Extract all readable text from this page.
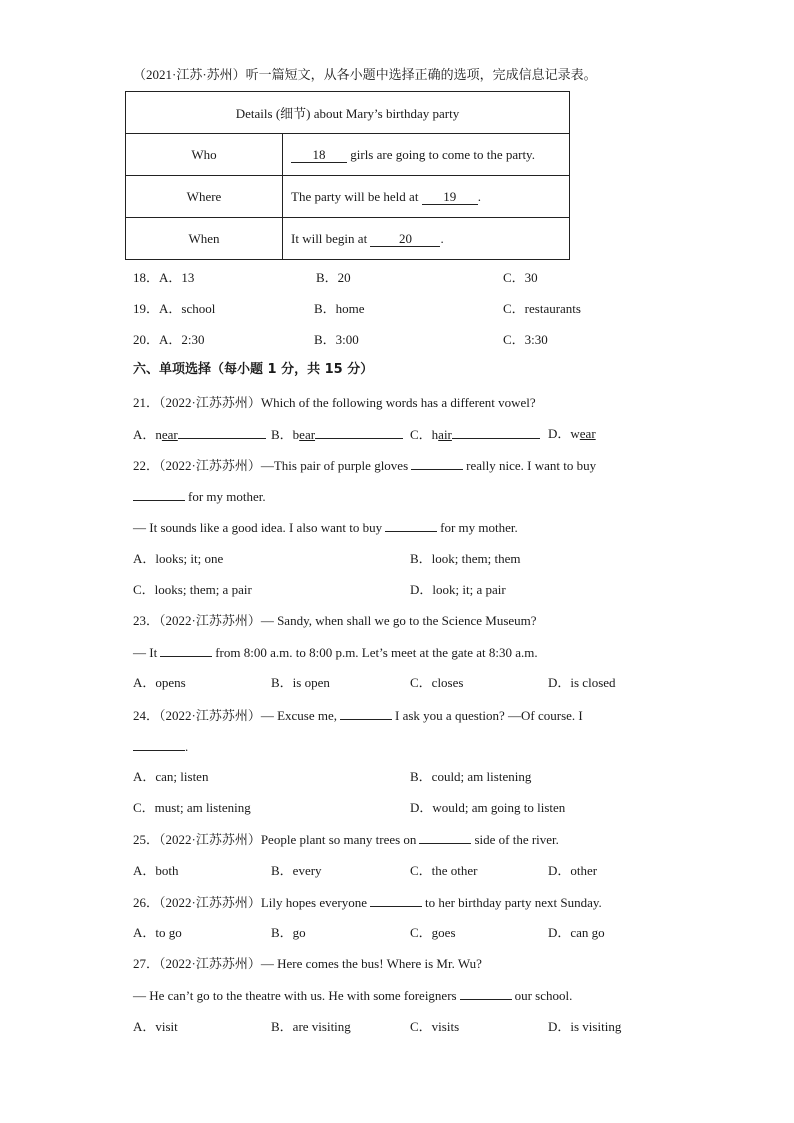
（2021·江苏·苏州）听一篇短文，从各小题中选择正确的选项，完成信息记录表。
Details (细节) about Mary’s birthday party	
Who	18 girls are going to come to the party.
Where	The party will be held at 19 .
When	It will begin at 20 .
18．A．13	B．20	C．30
19．A．school	B．home	C．restaurants
20．A．2:30	B．3:00	C．3:30
六、单项选择（每小题 1 分，共 15 分）
21．（2022·江苏苏州）Which of the following words has a different vowel?
A．near	B．bear	C．hair	D．wear
22．（2022·江苏苏州）—This pair of purple gloves	really nice. I want to buy
for my mother.
— It sounds like a good idea. I also want to buy	for my mother.
A．looks; it; one	B．look; them; them
C．looks; them; a pair	D．look; it; a pair
23．（2022·江苏苏州）— Sandy, when shall we go to the Science Museum?
— It	from 8:00 a.m. to 8:00 p.m. Let’s meet at the gate at 8:30 a.m.
A．opens	B．is open	C．closes	D．is closed
24．（2022·江苏苏州）— Excuse me,	I ask you a question? —Of course. I
.
A．can; listen	B．could; am listening
C．must; am listening	D．would; am going to listen
25．（2022·江苏苏州）People plant so many trees on	side of the river.
A．both	B．every	C．the other	D．other
26．（2022·江苏苏州）Lily hopes everyone	to her birthday party next Sunday.
A．to go	B．go	C．goes	D．can go
27．（2022·江苏苏州）— Here comes the bus! Where is Mr. Wu?
— He can’t go to the theatre with us. He with some foreigners	our school.
A．visit	B．are visiting	C．visits	D．is visiting
